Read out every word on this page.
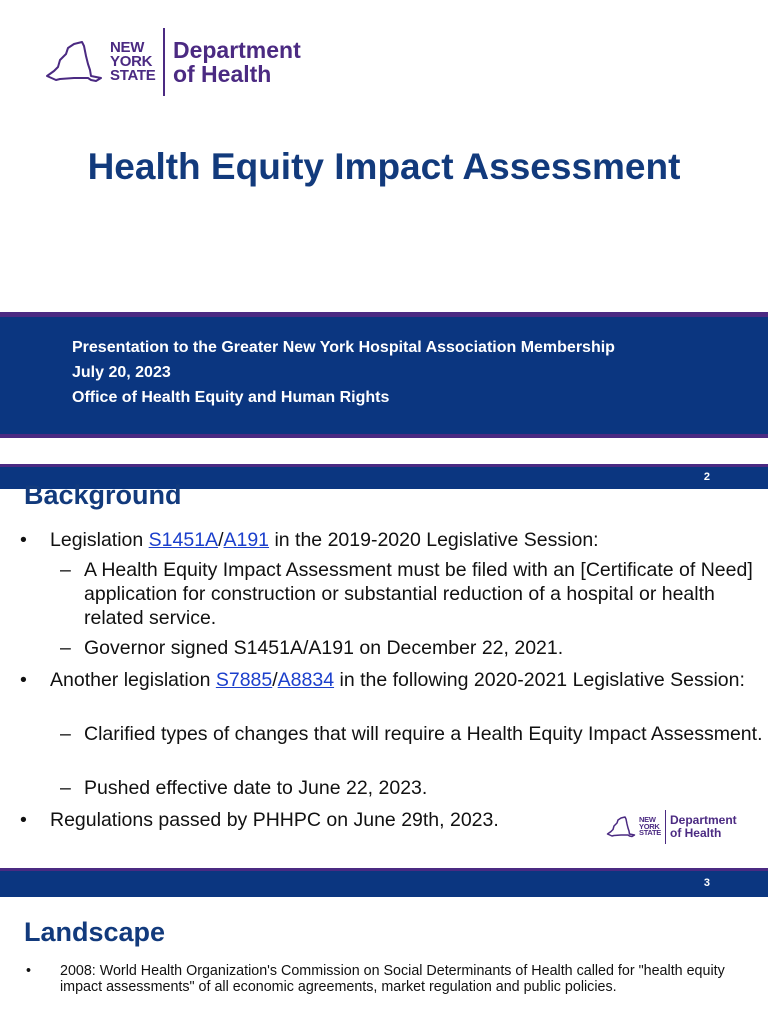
NEW
YORK
STATE
Department
of Health
Health Equity Impact Assessment
Presentation to the Greater New York Hospital Association Membership
July 20, 2023
Office of Health Equity and Human Rights
2
Background
• Legislation S1451A/A191 in the 2019-2020 Legislative Session:
– A Health Equity Impact Assessment must be filed with an [Certificate of Need] application for construction or substantial reduction of a hospital or health related service.
– Governor signed S1451A/A191 on December 22, 2021.
• Another legislation S7885/A8834 in the following 2020-2021 Legislative Session:
– Clarified types of changes that will require a Health Equity Impact Assessment.
– Pushed effective date to June 22, 2023.
• Regulations passed by PHHPC on June 29th, 2023.	NEW
YORK
STATE
Department
of Health
Landscape
• 2008: World Health Organization's Commission on Social Determinants of Health called for "health equity impact assessments" of all economic agreements, market regulation and public policies.
3
